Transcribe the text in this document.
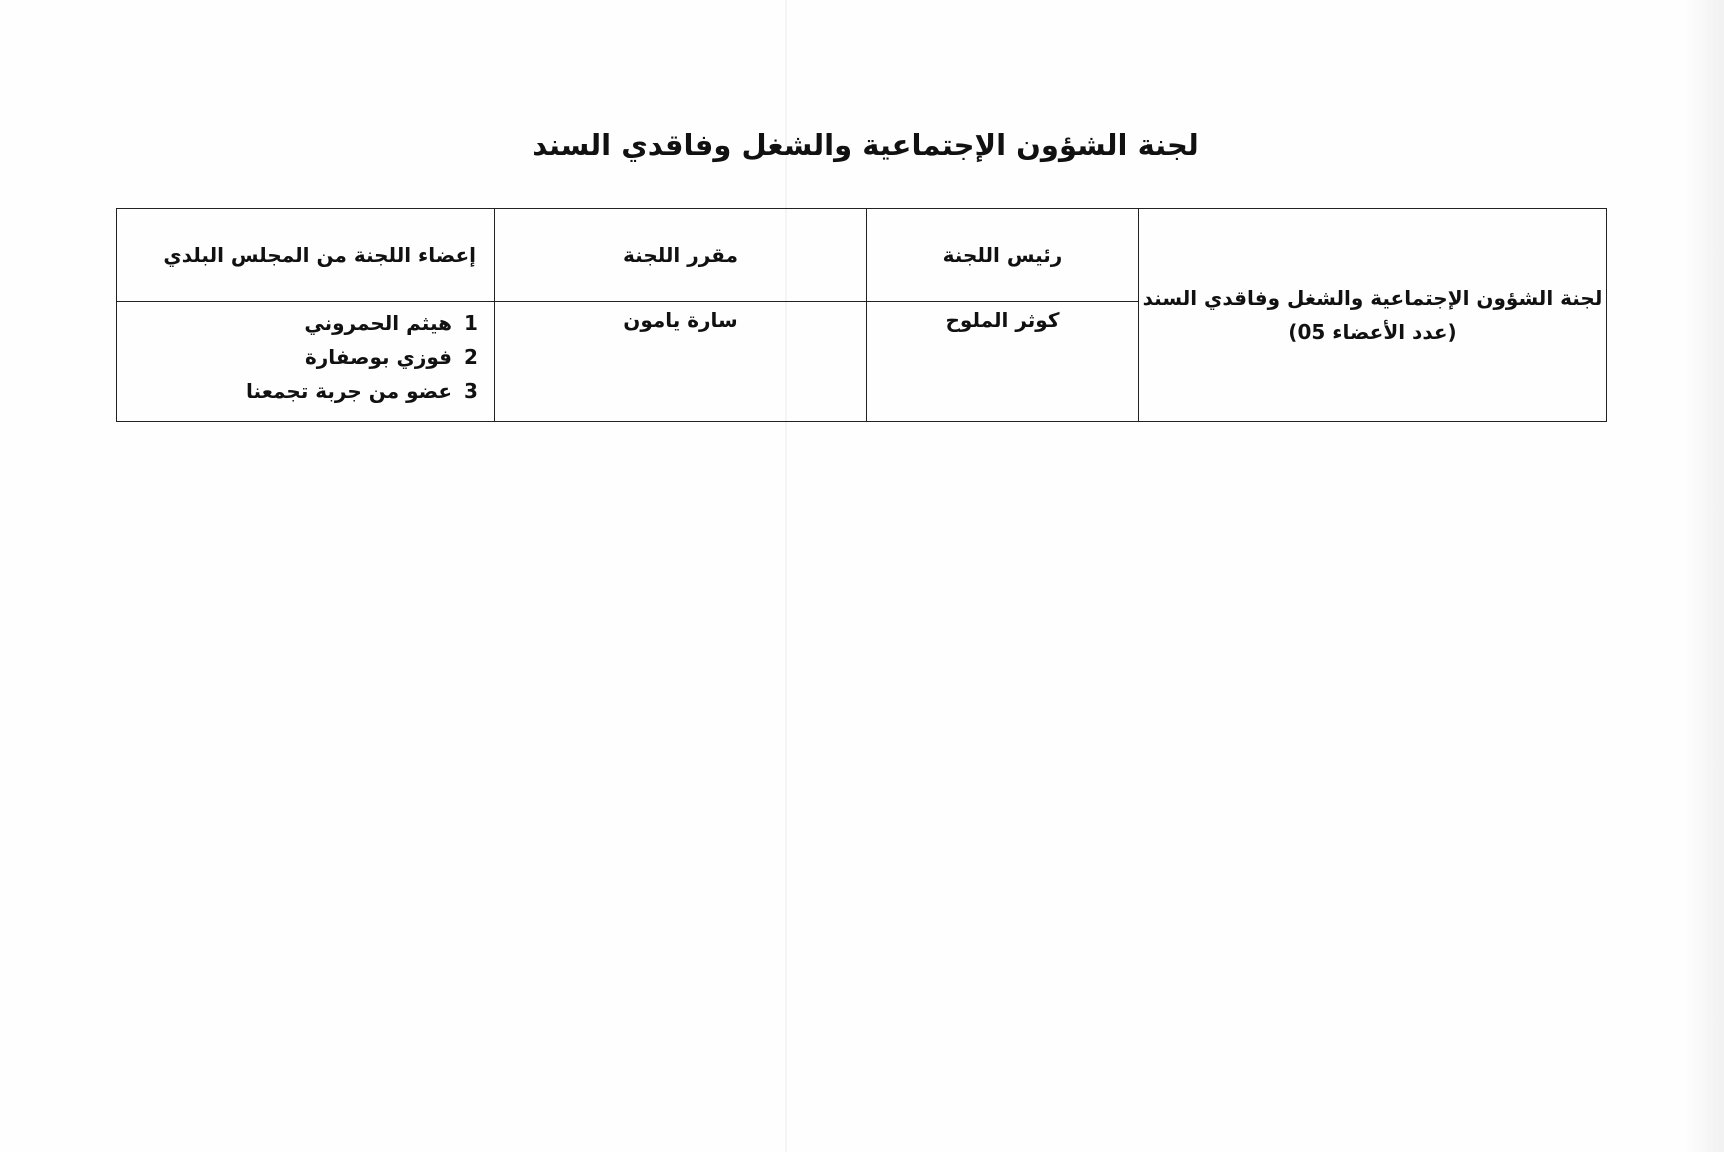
لجنة الشؤون الإجتماعية والشغل وفاقدي السند
لجنة الشؤون الإجتماعية والشغل وفاقدي السند
(عدد الأعضاء 05)	رئيس اللجنة	مقرر اللجنة	إعضاء اللجنة من المجلس البلدي
	كوثر الملوح	سارة يامون	1هيثم الحمروني
2فوزي بوصفارة
3عضو من جربة تجمعنا
